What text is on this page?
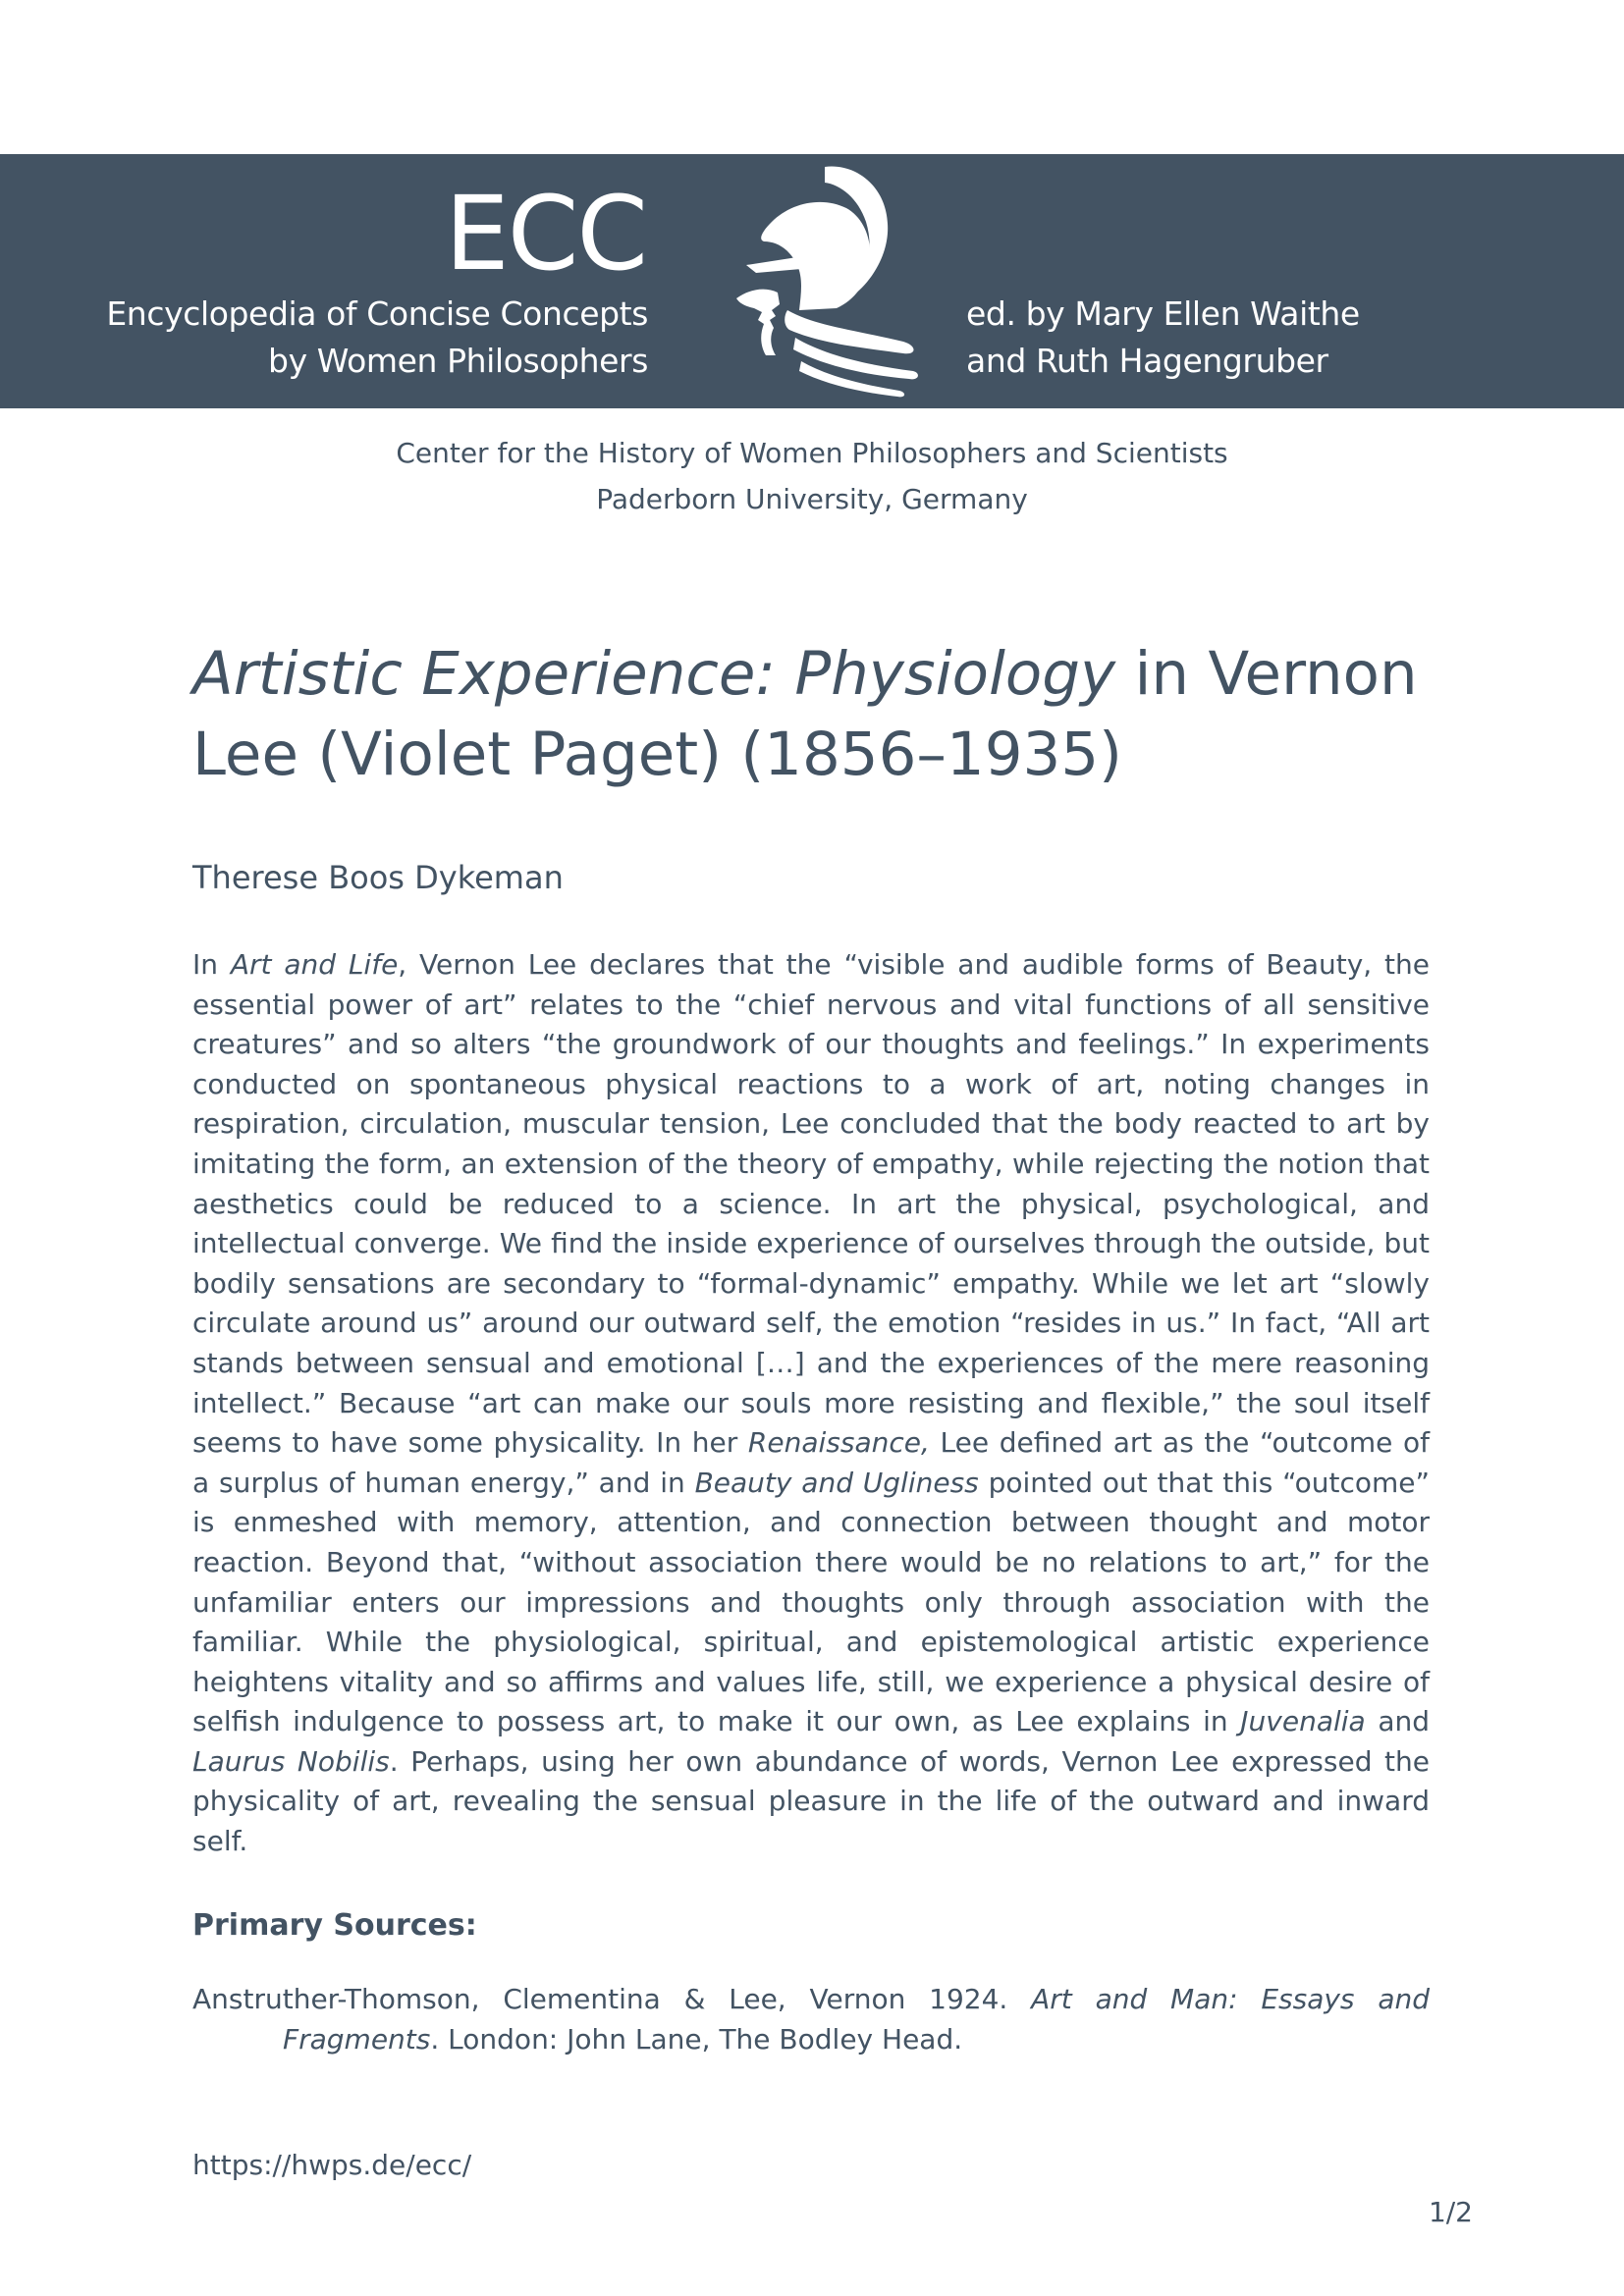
ECC
Encyclopedia of Concise Concepts
by Women Philosophers
ed. by Mary Ellen Waithe
and Ruth Hagengruber
Center for the History of Women Philosophers and Scientists
Paderborn University, Germany
Artistic Experience: Physiology in Vernon Lee (Violet Paget) (1856–1935)
Therese Boos Dykeman

In Art and Life, Vernon Lee declares that the “visible and audible forms of Beauty, the essential power of art” relates to the “chief nervous and vital functions of all sensitive creatures” and so alters “the groundwork of our thoughts and feelings.” In experiments conducted on spontaneous physical reactions to a work of art, noting changes in respiration, circulation, muscular tension, Lee concluded that the body reacted to art by imitating the form, an extension of the theory of empathy, while rejecting the notion that aesthetics could be reduced to a science. In art the physical, psychological, and intellectual converge. We find the inside experience of ourselves through the outside, but bodily sensations are secondary to “formal-dynamic” empathy. While we let art “slowly circulate around us” around our outward self, the emotion “resides in us.” In fact, “All art stands between sensual and emotional […] and the experiences of the mere reasoning intellect.” Because “art can make our souls more resisting and flexible,” the soul itself seems to have some physicality. In her Renaissance, Lee defined art as the “outcome of a surplus of human energy,” and in Beauty and Ugliness pointed out that this “outcome” is enmeshed with memory, attention, and connection between thought and motor reaction. Beyond that, “without association there would be no relations to art,” for the unfamiliar enters our impressions and thoughts only through association with the familiar. While the physiological, spiritual, and epistemological artistic experience heightens vitality and so affirms and values life, still, we experience a physical desire of selfish indulgence to possess art, to make it our own, as Lee explains in Juvenalia and Laurus Nobilis. Perhaps, using her own abundance of words, Vernon Lee expressed the physicality of art, revealing the sensual pleasure in the life of the outward and inward self.

Primary Sources:
Anstruther-Thomson, Clementina & Lee, Vernon 1924. Art and Man: Essays and Fragments. London: John Lane, The Bodley Head.
https://hwps.de/ecc/
1/2
